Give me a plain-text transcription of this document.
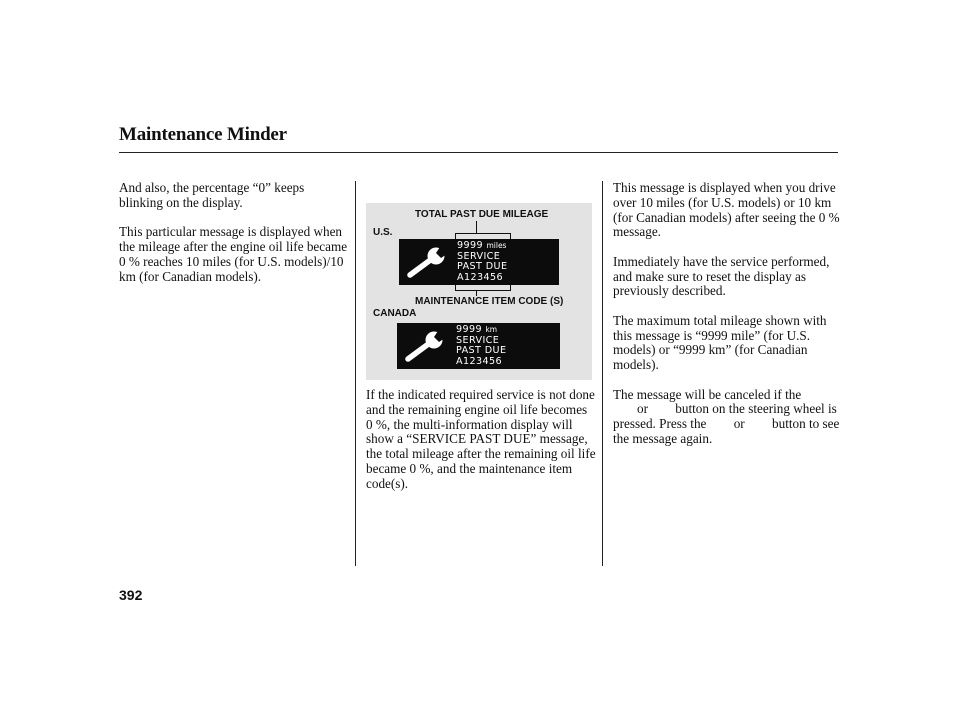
Maintenance Minder

And also, the percentage “0” keeps blinking on the display.

This particular message is displayed when the mileage after the engine oil life became 0 % reaches 10 miles (for U.S. models)/10 km (for Canadian models).

TOTAL PAST DUE MILEAGE
U.S.
9999 miles
SERVICE
PAST DUE
A123456
MAINTENANCE ITEM CODE (S)
CANADA
9999 km
SERVICE
PAST DUE
A123456

If the indicated required service is not done and the remaining engine oil life becomes 0 %, the multi-information display will show a “SERVICE PAST DUE” message, the total mileage after the remaining oil life became 0 %, and the maintenance item code(s).

This message is displayed when you drive over 10 miles (for U.S. models) or 10 km (for Canadian models) after seeing the 0 % message.

Immediately have the service performed, and make sure to reset the display as previously described.

The maximum total mileage shown with this message is “9999 mile” (for U.S. models) or “9999 km” (for Canadian models).

The message will be canceled if the
or button on the steering wheel is pressed. Press the or button to see the message again.

392
